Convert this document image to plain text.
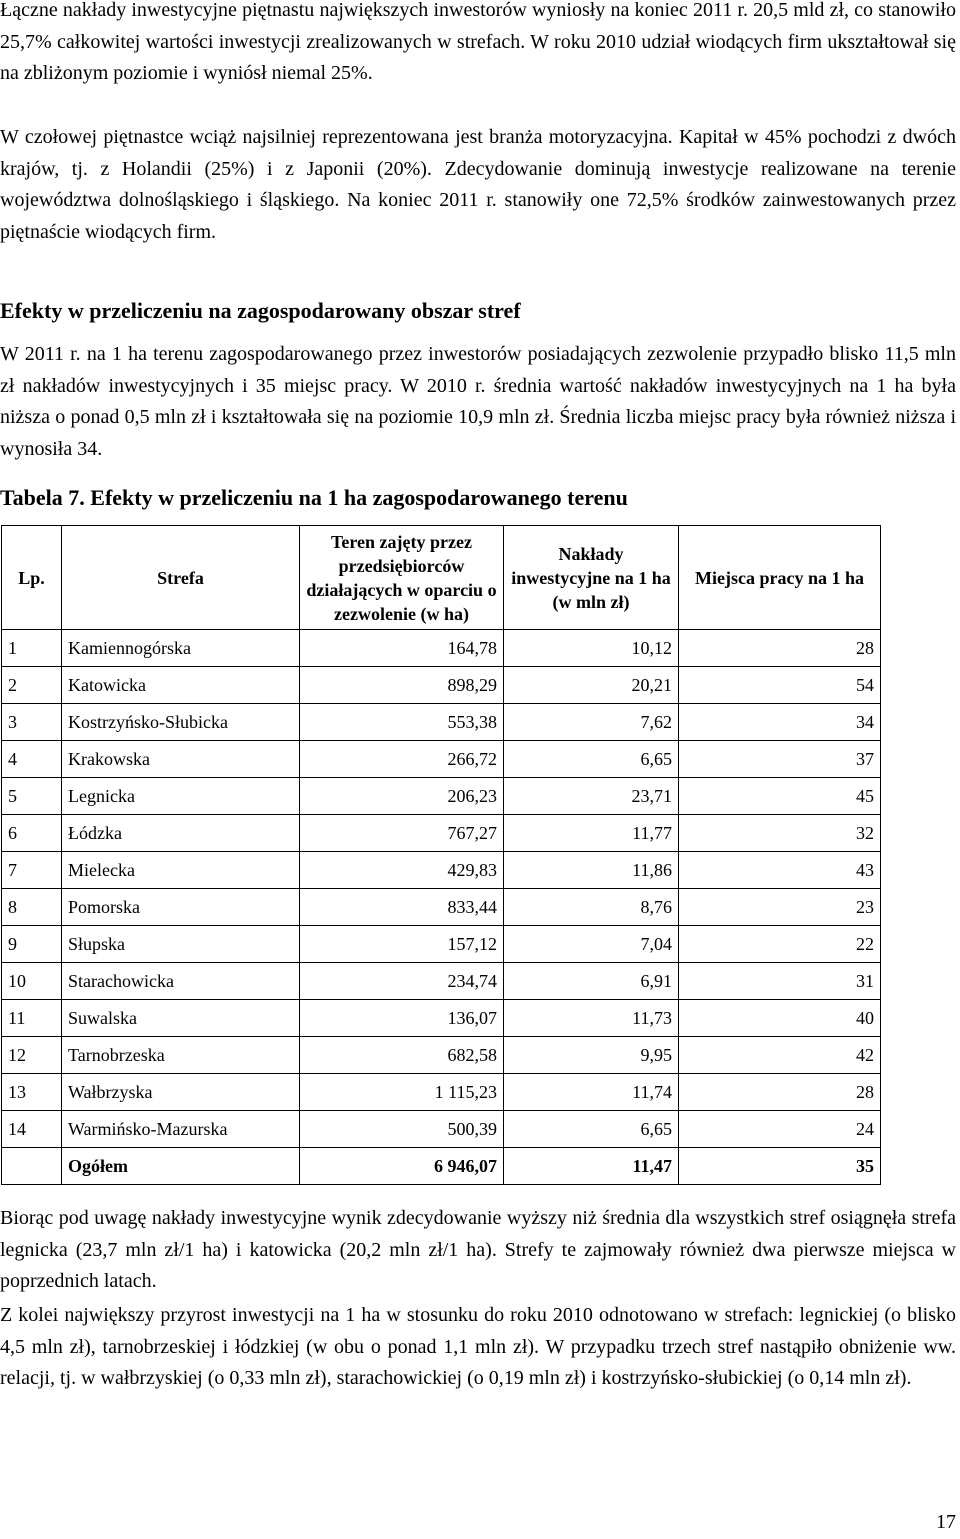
Łączne nakłady inwestycyjne piętnastu największych inwestorów wyniosły na koniec 2011 r. 20,5 mld zł, co stanowiło 25,7% całkowitej wartości inwestycji zrealizowanych w strefach. W roku 2010 udział wiodących firm ukształtował się na zbliżonym poziomie i wyniósł niemal 25%.

W czołowej piętnastce wciąż najsilniej reprezentowana jest branża motoryzacyjna. Kapitał w 45% pochodzi z dwóch krajów, tj. z Holandii (25%) i z Japonii (20%). Zdecydowanie dominują inwestycje realizowane na terenie województwa dolnośląskiego i śląskiego. Na koniec 2011 r. stanowiły one 72,5% środków zainwestowanych przez piętnaście wiodących firm.

Efekty w przeliczeniu na zagospodarowany obszar stref

W 2011 r. na 1 ha terenu zagospodarowanego przez inwestorów posiadających zezwolenie przypadło blisko 11,5 mln zł nakładów inwestycyjnych i 35 miejsc pracy. W 2010 r. średnia wartość nakładów inwestycyjnych na 1 ha była niższa o ponad 0,5 mln zł i kształtowała się na poziomie 10,9 mln zł. Średnia liczba miejsc pracy była również niższa i wynosiła 34.

Tabela 7. Efekty w przeliczeniu na 1 ha zagospodarowanego terenu
Lp.	Strefa	Teren zajęty przez przedsiębiorców działających w oparciu o zezwolenie (w ha)	Nakłady inwestycyjne na 1 ha (w mln zł)	Miejsca pracy na 1 ha
1	Kamiennogórska	164,78	10,12	28
2	Katowicka	898,29	20,21	54
3	Kostrzyńsko-Słubicka	553,38	7,62	34
4	Krakowska	266,72	6,65	37
5	Legnicka	206,23	23,71	45
6	Łódzka	767,27	11,77	32
7	Mielecka	429,83	11,86	43
8	Pomorska	833,44	8,76	23
9	Słupska	157,12	7,04	22
10	Starachowicka	234,74	6,91	31
11	Suwalska	136,07	11,73	40
12	Tarnobrzeska	682,58	9,95	42
13	Wałbrzyska	1 115,23	11,74	28
14	Warmińsko-Mazurska	500,39	6,65	24
	Ogółem	6 946,07	11,47	35

Biorąc pod uwagę nakłady inwestycyjne wynik zdecydowanie wyższy niż średnia dla wszystkich stref osiągnęła strefa legnicka (23,7 mln zł/1 ha) i katowicka (20,2 mln zł/1 ha). Strefy te zajmowały również dwa pierwsze miejsca w poprzednich latach.

Z kolei największy przyrost inwestycji na 1 ha w stosunku do roku 2010 odnotowano w strefach: legnickiej (o blisko 4,5 mln zł), tarnobrzeskiej i łódzkiej (w obu o ponad 1,1 mln zł). W przypadku trzech stref nastąpiło obniżenie ww. relacji, tj. w wałbrzyskiej (o 0,33 mln zł), starachowickiej (o 0,19 mln zł) i kostrzyńsko-słubickiej (o 0,14 mln zł).

17
